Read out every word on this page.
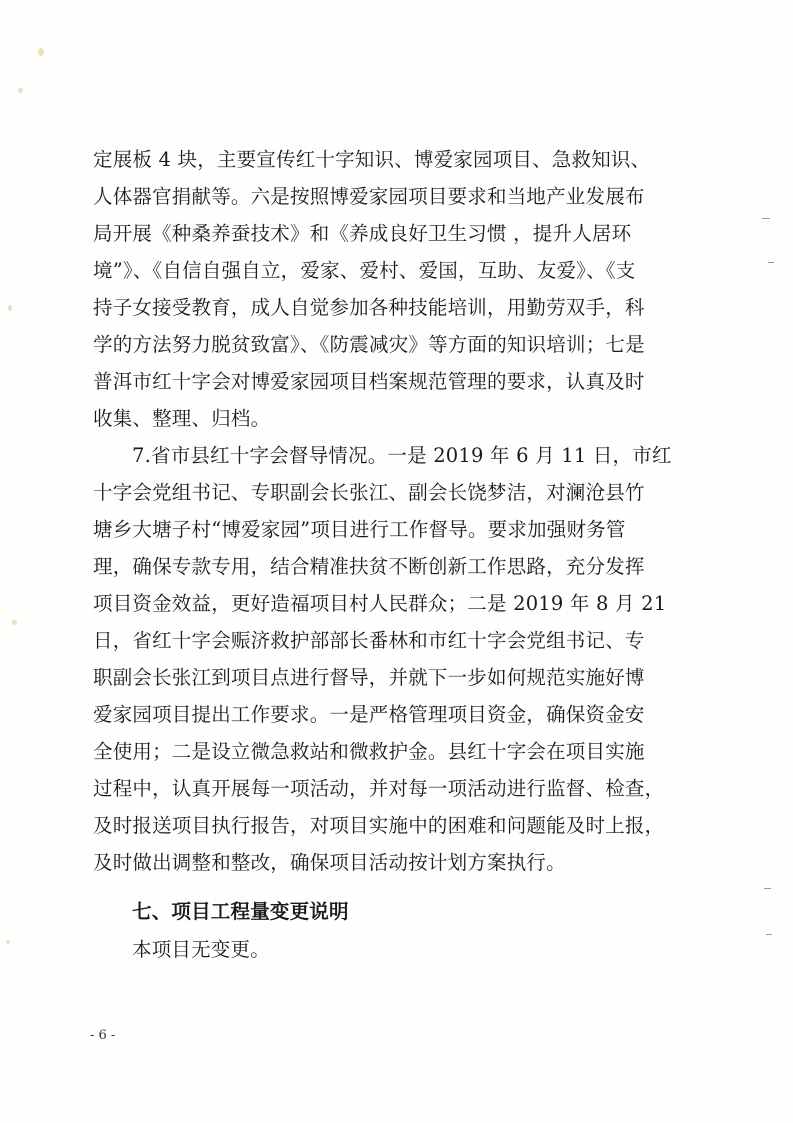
定展板 4 块，主要宣传红十字知识、博爱家园项目、急救知识、
人体器官捐献等。六是按照博爱家园项目要求和当地产业发展布
局开展《种桑养蚕技术》和《养成良好卫生习惯 ，提升人居环
境”》、《自信自强自立，爱家、爱村、爱国，互助、友爱》、《支
持子女接受教育，成人自觉参加各种技能培训，用勤劳双手，科
学的方法努力脱贫致富》、《防震减灾》等方面的知识培训；七是
普洱市红十字会对博爱家园项目档案规范管理的要求，认真及时
收集、整理、归档。
7.省市县红十字会督导情况。一是 2019 年 6 月 11 日，市红
十字会党组书记、专职副会长张江、副会长饶梦洁，对澜沧县竹
塘乡大塘子村“博爱家园”项目进行工作督导。要求加强财务管
理，确保专款专用，结合精准扶贫不断创新工作思路，充分发挥
项目资金效益，更好造福项目村人民群众；二是 2019 年 8 月 21
日，省红十字会赈济救护部部长番林和市红十字会党组书记、专
职副会长张江到项目点进行督导，并就下一步如何规范实施好博
爱家园项目提出工作要求。一是严格管理项目资金，确保资金安
全使用；二是设立微急救站和微救护金。县红十字会在项目实施
过程中，认真开展每一项活动，并对每一项活动进行监督、检查，
及时报送项目执行报告，对项目实施中的困难和问题能及时上报，
及时做出调整和整改，确保项目活动按计划方案执行。
七、项目工程量变更说明
本项目无变更。
- 6 -
